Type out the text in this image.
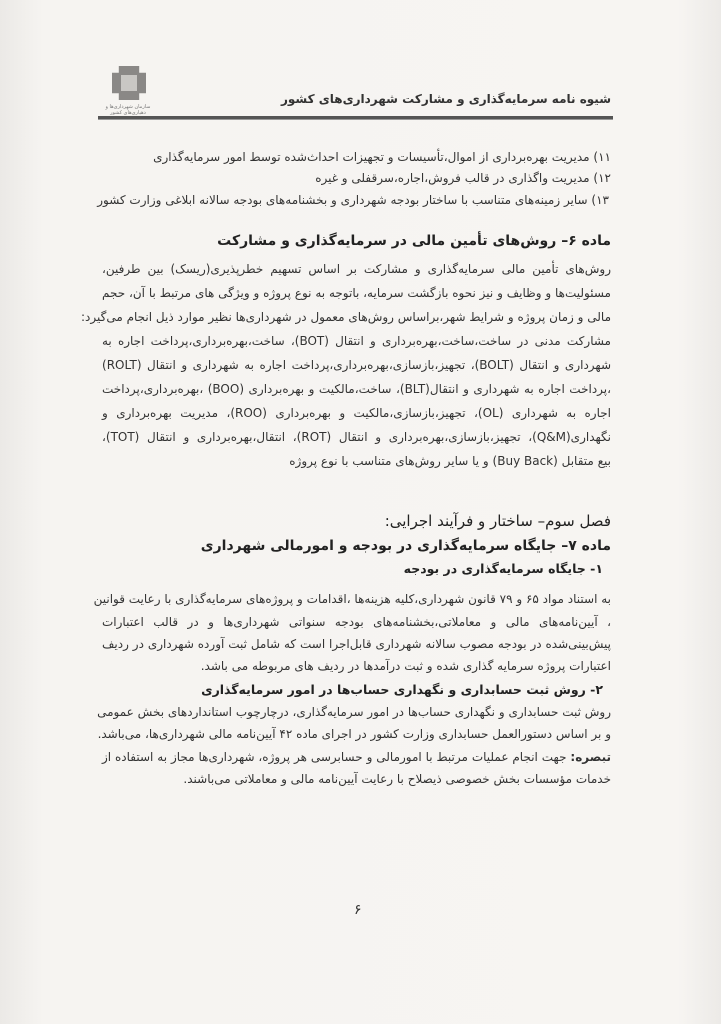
سازمان شهرداری‌ها و دهیاری‌های کشور
شیوه نامه سرمایه‌گذاری و مشارکت شهرداری‌های کشور
۱۱) مدیریت بهره‌برداری از اموال،تأسیسات و تجهیزات احداث‌شده توسط امور سرمایه‌گذاری
۱۲) مدیریت واگذاری در قالب فروش،اجاره،سرقفلی و غیره
۱۳) سایر زمینه‌های متناسب با ساختار بودجه شهرداری و بخشنامه‌های بودجه سالانه ابلاغی وزارت کشور
ماده ۶– روش‌های تأمین مالی در سرمایه‌گذاری و مشارکت
روش‌های تأمین مالی سرمایه‌گذاری و مشارکت بر اساس تسهیم خطرپذیری(ریسک) بین طرفین،
مسئولیت‌ها و وظایف و نیز نحوه بازگشت سرمایه، باتوجه به نوع پروژه و ویژگی های مرتبط با آن، حجم
مالی و زمان پروژه و شرایط شهر،براساس روش‌های معمول در شهرداری‌ها نظیر موارد ذیل انجام می‌گیرد:
مشارکت مدنی در ساخت،ساخت،بهره‌برداری و انتقال (BOT)، ساخت،بهره‌برداری،پرداخت اجاره به
شهرداری و انتقال (BOLT)، تجهیز،بازسازی،بهره‌برداری،پرداخت اجاره به شهرداری و انتقال (ROLT)
،پرداخت اجاره به شهرداری و انتقال(BLT)، ساخت،مالکیت و بهره‌برداری (BOO) ،بهره‌برداری،پرداخت
اجاره به شهرداری (OL)، تجهیز،بازسازی،مالکیت و بهره‌برداری (ROO)، مدیریت بهره‌برداری و
نگهداری(Q&M)، تجهیز،بازسازی،بهره‌برداری و انتقال (ROT)، انتقال،بهره‌برداری و انتقال (TOT)،
بیع متقابل (Buy Back) و یا سایر روش‌های متناسب با نوع پروژه
فصل سوم– ساختار و فرآیند اجرایی:
ماده ۷– جایگاه سرمایه‌گذاری در بودجه و امورمالی شهرداری
۱- جایگاه سرمایه‌گذاری در بودجه
به استناد مواد ۶۵ و ۷۹ قانون شهرداری،کلیه هزینه‌ها ،اقدامات و پروژه‌های سرمایه‌گذاری با رعایت قوانین
، آیین‌نامه‌های مالی و معاملاتی،بخشنامه‌های بودجه سنواتی شهرداری‌ها و در قالب اعتبارات
پیش‌بینی‌شده در بودجه مصوب سالانه شهرداری قابل‌اجرا است که شامل ثبت آورده شهرداری در ردیف
اعتبارات پروژه سرمایه گذاری شده و ثبت درآمدها در ردیف های مربوطه می باشد.
۲- روش ثبت حسابداری و نگهداری حساب‌ها در امور سرمایه‌گذاری
روش ثبت حسابداری و نگهداری حساب‌ها در امور سرمایه‌گذاری، درچارچوب استانداردهای بخش عمومی
و بر اساس دستورالعمل حسابداری وزارت کشور در اجرای ماده ۴۲ آیین‌نامه مالی شهرداری‌ها، می‌باشد.
تبصره: جهت انجام عملیات مرتبط با امورمالی و حسابرسی هر پروژه، شهرداری‌ها مجاز به استفاده از
خدمات مؤسسات بخش خصوصی ذیصلاح با رعایت آیین‌نامه مالی و معاملاتی می‌باشند.
۶
